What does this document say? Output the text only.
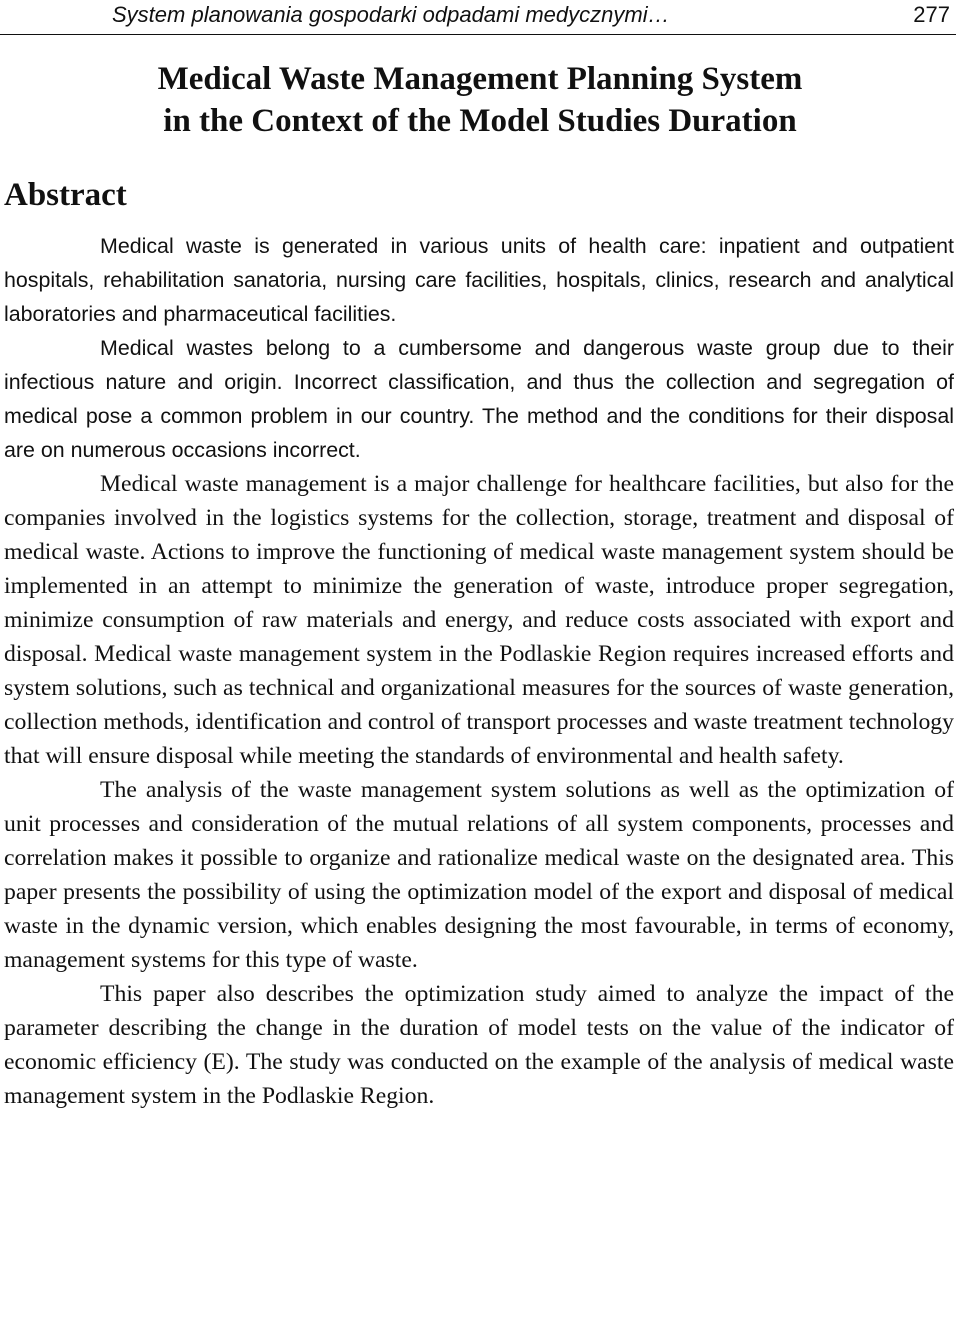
System planowania gospodarki odpadami medycznymi…	277
Medical Waste Management Planning System
in the Context of the Model Studies Duration
Abstract

Medical waste is generated in various units of health care: inpatient and outpatient hospitals, rehabilitation sanatoria, nursing care facilities, hospitals, clinics, research and analytical laboratories and pharmaceutical facilities.

Medical wastes belong to a cumbersome and dangerous waste group due to their infectious nature and origin. Incorrect classification, and thus the collection and segregation of medical pose a common problem in our country. The method and the conditions for their disposal are on numerous occasions incorrect.

Medical waste management is a major challenge for healthcare facilities, but also for the companies involved in the logistics systems for the collection, storage, treatment and disposal of medical waste. Actions to improve the functioning of medical waste management system should be implemented in an attempt to minimize the generation of waste, introduce proper segregation, minimize consumption of raw materials and energy, and reduce costs associated with export and disposal. Medical waste management system in the Podlaskie Region requires increased efforts and system solutions, such as technical and organizational measures for the sources of waste generation, collection methods, identification and control of transport processes and waste treatment technology that will ensure disposal while meeting the standards of environmental and health safety.

The analysis of the waste management system solutions as well as the optimization of unit processes and consideration of the mutual relations of all system components, processes and correlation makes it possible to organize and rationalize medical waste on the designated area. This paper presents the possibility of using the optimization model of the export and disposal of medical waste in the dynamic version, which enables designing the most favourable, in terms of economy, management systems for this type of waste.

This paper also describes the optimization study aimed to analyze the impact of the parameter describing the change in the duration of model tests on the value of the indicator of economic efficiency (E). The study was conducted on the example of the analysis of medical waste management system in the Podlaskie Region.
